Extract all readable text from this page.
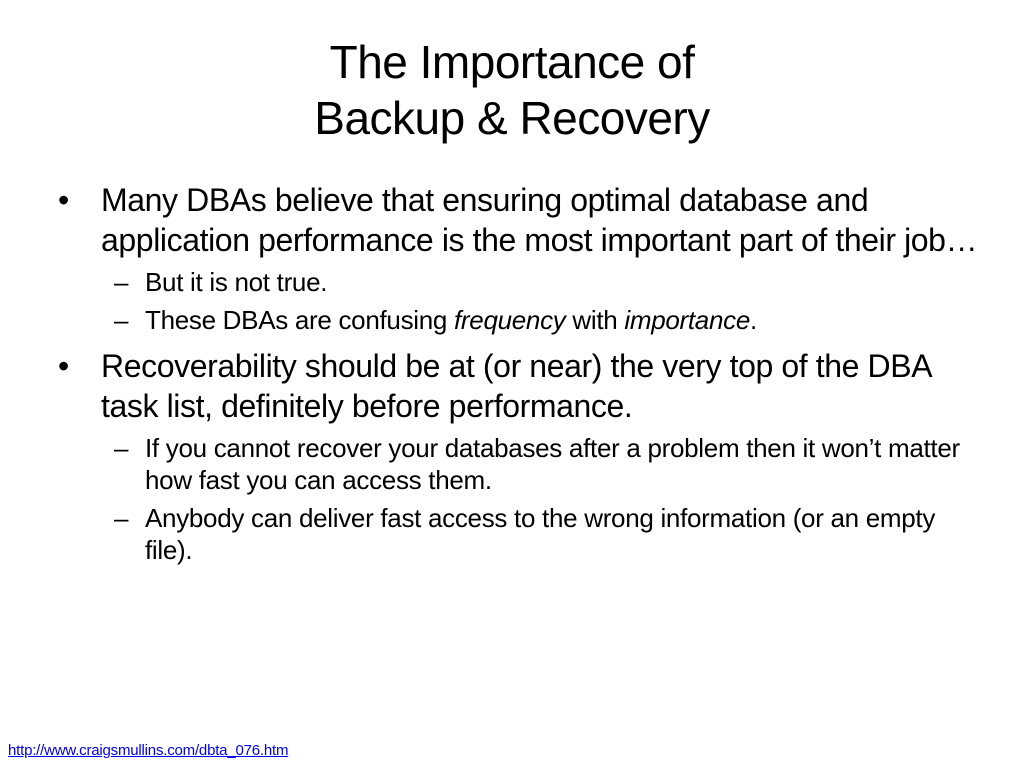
The Importance of
Backup & Recovery
• Many DBAs believe that ensuring optimal database and application performance is the most important part of their job…
– But it is not true.
– These DBAs are confusing frequency with importance.
• Recoverability should be at (or near) the very top of the DBA task list, definitely before performance.
– If you cannot recover your databases after a problem then it won’t matter how fast you can access them.
– Anybody can deliver fast access to the wrong information (or an empty file).
http://www.craigsmullins.com/dbta_076.htm
